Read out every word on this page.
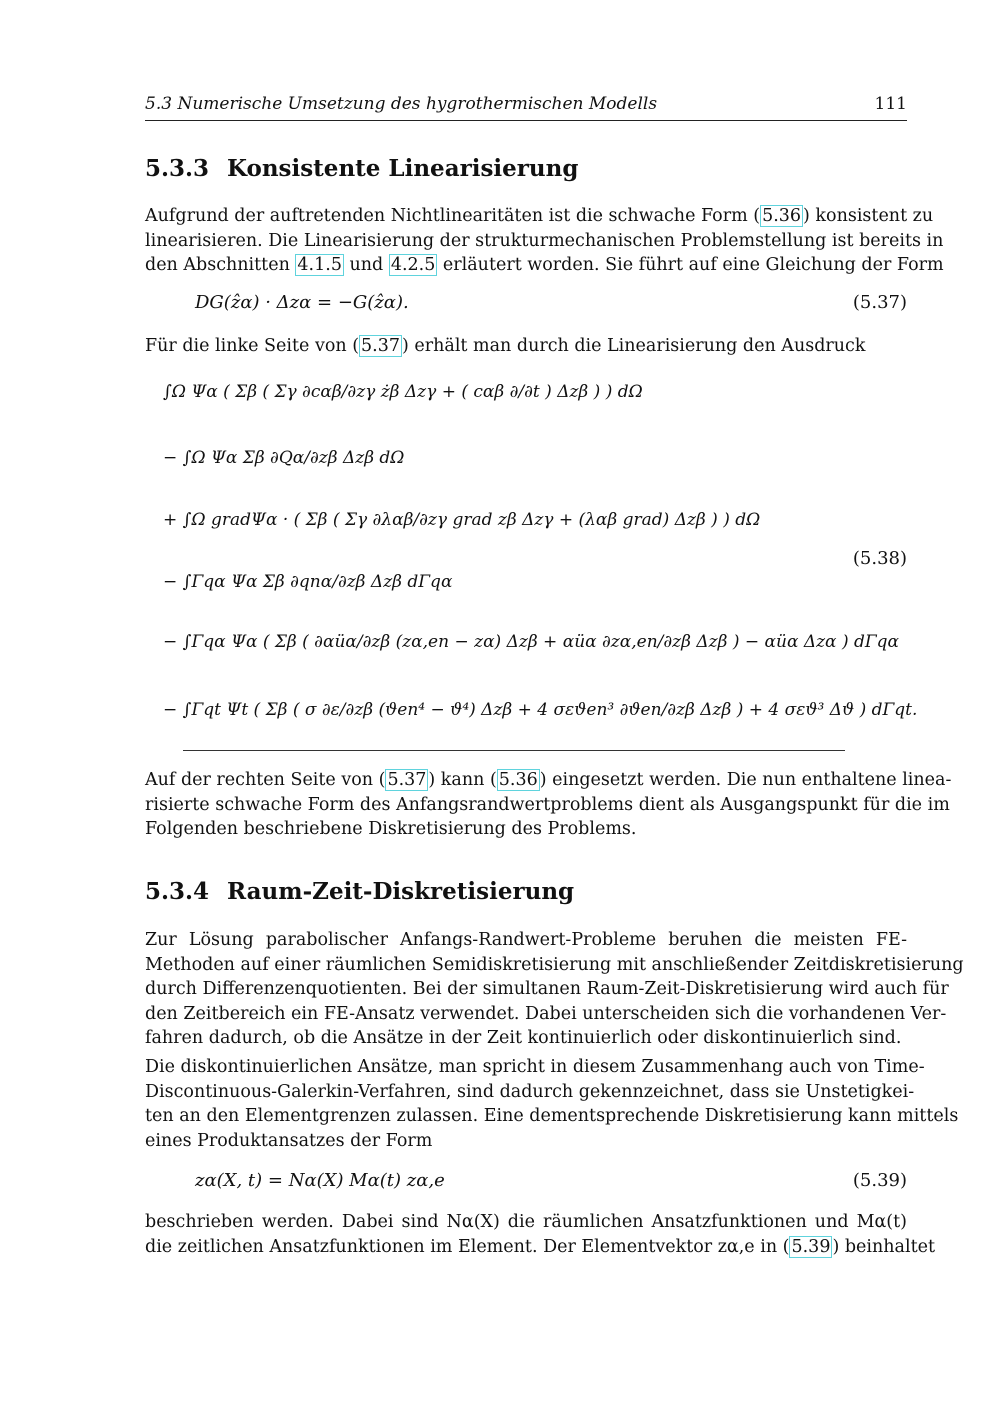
5.3 Numerische Umsetzung des hygrothermischen Modells	111
5.3.3 Konsistente Linearisierung
Aufgrund der auftretenden Nichtlinearitäten ist die schwache Form ( 5.36 ) konsistent zu
linearisieren. Die Linearisierung der strukturmechanischen Problemstellung ist bereits in
den Abschnitten 4.1.5 und 4.2.5 erläutert worden. Sie führt auf eine Gleichung der Form
DG(ẑα) · Δzα = −G(ẑα).	(5.37)
Für die linke Seite von ( 5.37 ) erhält man durch die Linearisierung den Ausdruck
∫Ω Ψα ( Σβ ( Σγ ∂cαβ/∂zγ żβ Δzγ + ( cαβ ∂/∂t ) Δzβ ) ) dΩ
− ∫Ω Ψα Σβ ∂Qα/∂zβ Δzβ dΩ
+ ∫Ω gradΨα · ( Σβ ( Σγ ∂λαβ/∂zγ grad zβ Δzγ + (λαβ grad) Δzβ ) ) dΩ
− ∫Γqα Ψα Σβ ∂qnα/∂zβ Δzβ dΓqα
− ∫Γqα Ψα ( Σβ ( ∂αüα/∂zβ (zα,en − zα) Δzβ + αüα ∂zα,en/∂zβ Δzβ ) − αüα Δzα ) dΓqα
− ∫Γqt Ψt ( Σβ ( σ ∂ε/∂zβ (ϑen⁴ − ϑ⁴) Δzβ + 4 σεϑen³ ∂ϑen/∂zβ Δzβ ) + 4 σεϑ³ Δϑ ) dΓqt.
(5.38)
Auf der rechten Seite von ( 5.37 ) kann ( 5.36 ) eingesetzt werden. Die nun enthaltene linea-
risierte schwache Form des Anfangsrandwertproblems dient als Ausgangspunkt für die im
Folgenden beschriebene Diskretisierung des Problems.
5.3.4 Raum-Zeit-Diskretisierung
Zur Lösung parabolischer Anfangs-Randwert-Probleme beruhen die meisten FE-
Methoden auf einer räumlichen Semidiskretisierung mit anschließender Zeitdiskretisierung
durch Differenzenquotienten. Bei der simultanen Raum-Zeit-Diskretisierung wird auch für
den Zeitbereich ein FE-Ansatz verwendet. Dabei unterscheiden sich die vorhandenen Ver-
fahren dadurch, ob die Ansätze in der Zeit kontinuierlich oder diskontinuierlich sind.
Die diskontinuierlichen Ansätze, man spricht in diesem Zusammenhang auch von Time-
Discontinuous-Galerkin-Verfahren, sind dadurch gekennzeichnet, dass sie Unstetigkei-
ten an den Elementgrenzen zulassen. Eine dementsprechende Diskretisierung kann mittels
eines Produktansatzes der Form
zα(X, t) = Nα(X) Mα(t) zα,e	(5.39)
beschrieben werden. Dabei sind Nα(X) die räumlichen Ansatzfunktionen und Mα(t)
die zeitlichen Ansatzfunktionen im Element. Der Elementvektor zα,e in ( 5.39 ) beinhaltet
